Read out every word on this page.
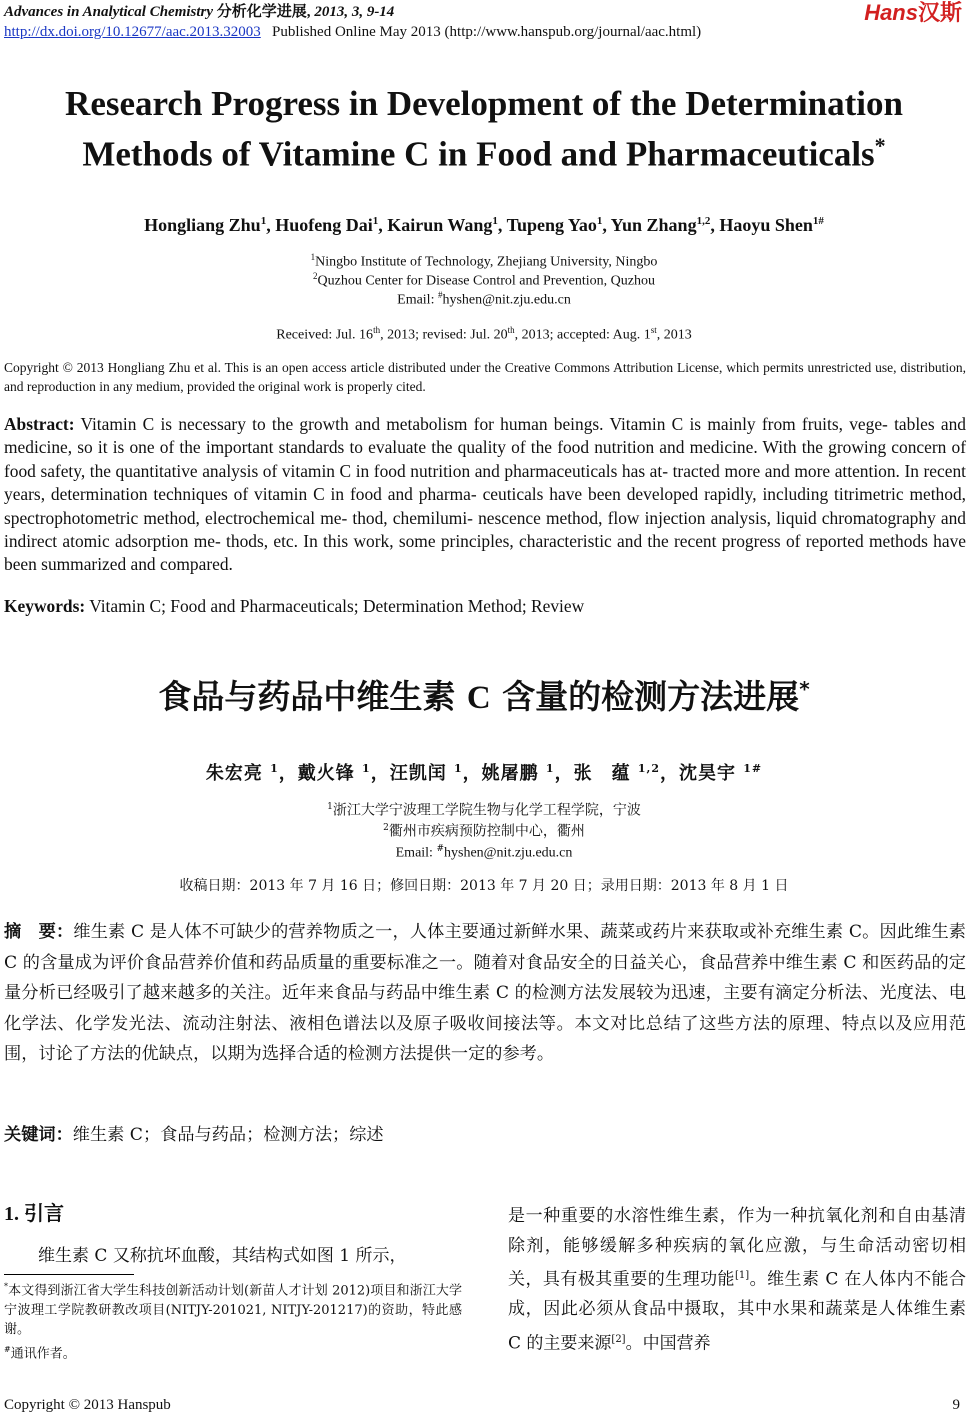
Advances in Analytical Chemistry 分析化学进展, 2013, 3, 9-14
http://dx.doi.org/10.12677/aac.2013.32003 Published Online May 2013 (http://www.hanspub.org/journal/aac.html)
Hans汉斯
Research Progress in Development of the Determination
Methods of Vitamine C in Food and Pharmaceuticals*
Hongliang Zhu$^1$, Huofeng Dai$^1$, Kairun Wang$^1$, Tupeng Yao$^1$, Yun Zhang$^{1,2}$, Haoyu Shen$^{1\#}$
$^1$Ningbo Institute of Technology, Zhejiang University, Ningbo
$^2$Quzhou Center for Disease Control and Prevention, Quzhou
Email: #hyshen@nit.zju.edu.cn
Received: Jul. 16th, 2013; revised: Jul. 20th, 2013; accepted: Aug. 1st, 2013
Copyright © 2013 Hongliang Zhu et al. This is an open access article distributed under the Creative Commons Attribution License, which permits unrestricted use, distribution, and reproduction in any medium, provided the original work is properly cited.
Abstract: Vitamin C is necessary to the growth and metabolism for human beings. Vitamin C is mainly from fruits, vege- tables and medicine, so it is one of the important standards to evaluate the quality of the food nutrition and medicine. With the growing concern of food safety, the quantitative analysis of vitamin C in food nutrition and pharmaceuticals has at- tracted more and more attention. In recent years, determination techniques of vitamin C in food and pharma- ceuticals have been developed rapidly, including titrimetric method, spectrophotometric method, electrochemical me- thod, chemilumi- nescence method, flow injection analysis, liquid chromatography and indirect atomic adsorption me- thods, etc. In this work, some principles, characteristic and the recent progress of reported methods have been summarized and compared.
Keywords: Vitamin C; Food and Pharmaceuticals; Determination Method; Review
食品与药品中维生素 C 含量的检测方法进展*
朱宏亮 $^1$，戴火锋 $^1$，汪凯闰 $^1$，姚屠鹏 $^1$，张　蕴 $^{1,2}$，沈昊宇 $^{1\#}$
$^1$浙江大学宁波理工学院生物与化学工程学院，宁波
$^2$衢州市疾病预防控制中心，衢州
Email: #hyshen@nit.zju.edu.cn
收稿日期：2013 年 7 月 16 日；修回日期：2013 年 7 月 20 日；录用日期：2013 年 8 月 1 日
摘　要：维生素 C 是人体不可缺少的营养物质之一，人体主要通过新鲜水果、蔬菜或药片来获取或补充维生素 C。因此维生素 C 的含量成为评价食品营养价值和药品质量的重要标准之一。随着对食品安全的日益关心，食品营养中维生素 C 和医药品的定量分析已经吸引了越来越多的关注。近年来食品与药品中维生素 C 的检测方法发展较为迅速，主要有滴定分析法、光度法、电化学法、化学发光法、流动注射法、液相色谱法以及原子吸收间接法等。本文对比总结了这些方法的原理、特点以及应用范围，讨论了方法的优缺点，以期为选择合适的检测方法提供一定的参考。
关键词：维生素 C；食品与药品；检测方法；综述
1. 引言
维生素 C 又称抗坏血酸，其结构式如图 1 所示，
*本文得到浙江省大学生科技创新活动计划(新苗人才计划 2012)项目和浙江大学宁波理工学院教研教改项目(NITJY-201021, NITJY-201217)的资助，特此感谢。
#通讯作者。
是一种重要的水溶性维生素，作为一种抗氧化剂和自由基清除剂，能够缓解多种疾病的氧化应激，与生命活动密切相关，具有极其重要的生理功能[1]。维生素 C 在人体内不能合成，因此必须从食品中摄取，其中水果和蔬菜是人体维生素 C 的主要来源[2]。中国营养
Copyright © 2013 Hanspub	9
